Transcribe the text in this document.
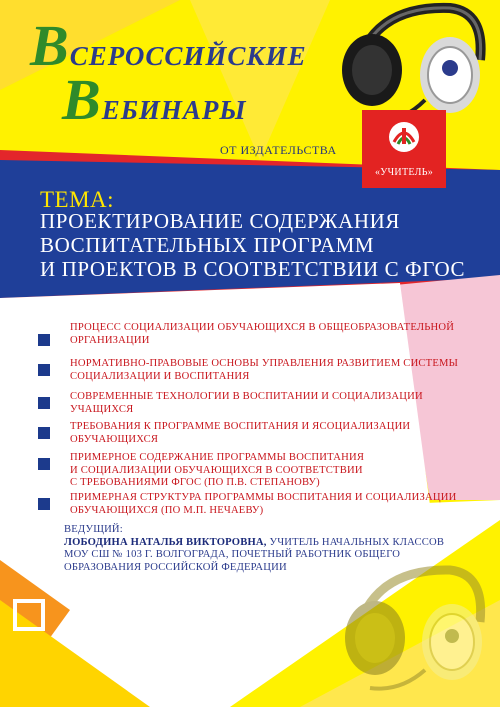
ВСЕРОССИЙСКИЕ
ВЕБИНАРЫ
ОТ ИЗДАТЕЛЬСТВА
«УЧИТЕЛЬ»
ТЕМА:
ПРОЕКТИРОВАНИЕ СОДЕРЖАНИЯ
ВОСПИТАТЕЛЬНЫХ ПРОГРАММ
И ПРОЕКТОВ В СООТВЕТСТВИИ С ФГОС
ПРОЦЕСС СОЦИАЛИЗАЦИИ ОБУЧАЮЩИХСЯ В ОБЩЕОБРАЗОВАТЕЛЬНОЙ
ОРГАНИЗАЦИИ
НОРМАТИВНО-ПРАВОВЫЕ ОСНОВЫ УПРАВЛЕНИЯ РАЗВИТИЕМ СИСТЕМЫ
СОЦИАЛИЗАЦИИ И ВОСПИТАНИЯ
СОВРЕМЕННЫЕ ТЕХНОЛОГИИ В ВОСПИТАНИИ И СОЦИАЛИЗАЦИИ
УЧАЩИХСЯ
ТРЕБОВАНИЯ К ПРОГРАММЕ ВОСПИТАНИЯ И ЯСОЦИАЛИЗАЦИИ
ОБУЧАЮЩИХСЯ
ПРИМЕРНОЕ СОДЕРЖАНИЕ ПРОГРАММЫ ВОСПИТАНИЯ
И СОЦИАЛИЗАЦИИ ОБУЧАЮЩИХСЯ В СООТВЕТСТВИИ
С ТРЕБОВАНИЯМИ ФГОС (ПО П.В. СТЕПАНОВУ)
ПРИМЕРНАЯ СТРУКТУРА ПРОГРАММЫ ВОСПИТАНИЯ И СОЦИАЛИЗАЦИИ
ОБУЧАЮЩИХСЯ (ПО М.П. НЕЧАЕВУ)
ВЕДУЩИЙ:
ЛОБОДИНА НАТАЛЬЯ ВИКТОРОВНА, УЧИТЕЛЬ НАЧАЛЬНЫХ КЛАССОВ
МОУ СШ № 103 Г. ВОЛГОГРАДА, ПОЧЕТНЫЙ РАБОТНИК ОБЩЕГО
ОБРАЗОВАНИЯ РОССИЙСКОЙ ФЕДЕРАЦИИ
